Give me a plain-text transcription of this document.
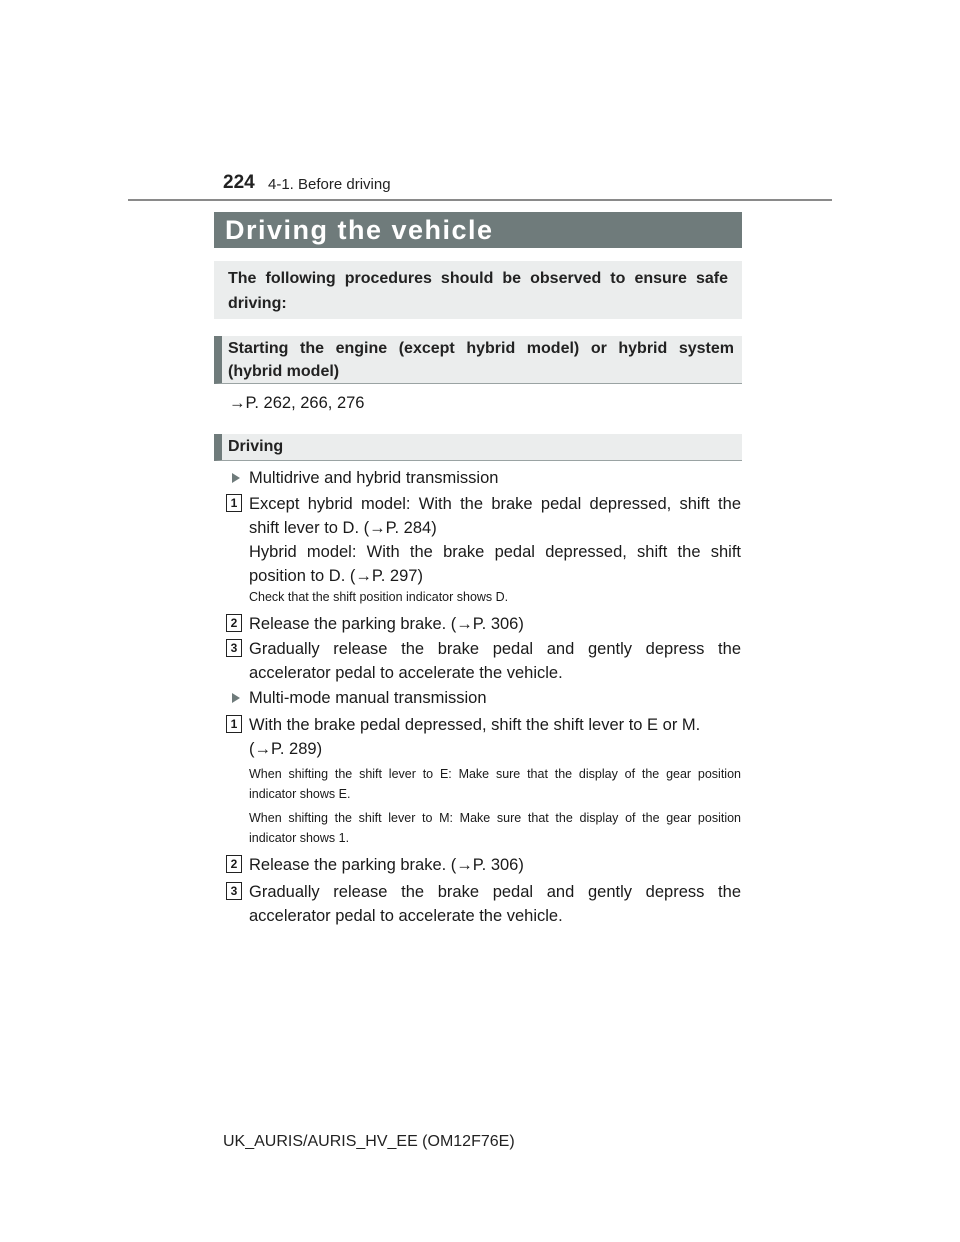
224 4-1. Before driving
Driving the vehicle
The following procedures should be observed to ensure safe driving:
Starting the engine (except hybrid model) or hybrid system (hybrid model)
→P. 262, 266, 276
Driving
Multidrive and hybrid transmission
1 Except hybrid model: With the brake pedal depressed, shift the shift lever to D. (→P. 284)
Hybrid model: With the brake pedal depressed, shift the shift position to D. (→P. 297)
Check that the shift position indicator shows D.
2 Release the parking brake. (→P. 306)
3 Gradually release the brake pedal and gently depress the accelerator pedal to accelerate the vehicle.
Multi-mode manual transmission
1 With the brake pedal depressed, shift the shift lever to E or M.
(→P. 289)
When shifting the shift lever to E: Make sure that the display of the gear position indicator shows E.
When shifting the shift lever to M: Make sure that the display of the gear position indicator shows 1.
2 Release the parking brake. (→P. 306)
3 Gradually release the brake pedal and gently depress the accelerator pedal to accelerate the vehicle.
UK_AURIS/AURIS_HV_EE (OM12F76E)
